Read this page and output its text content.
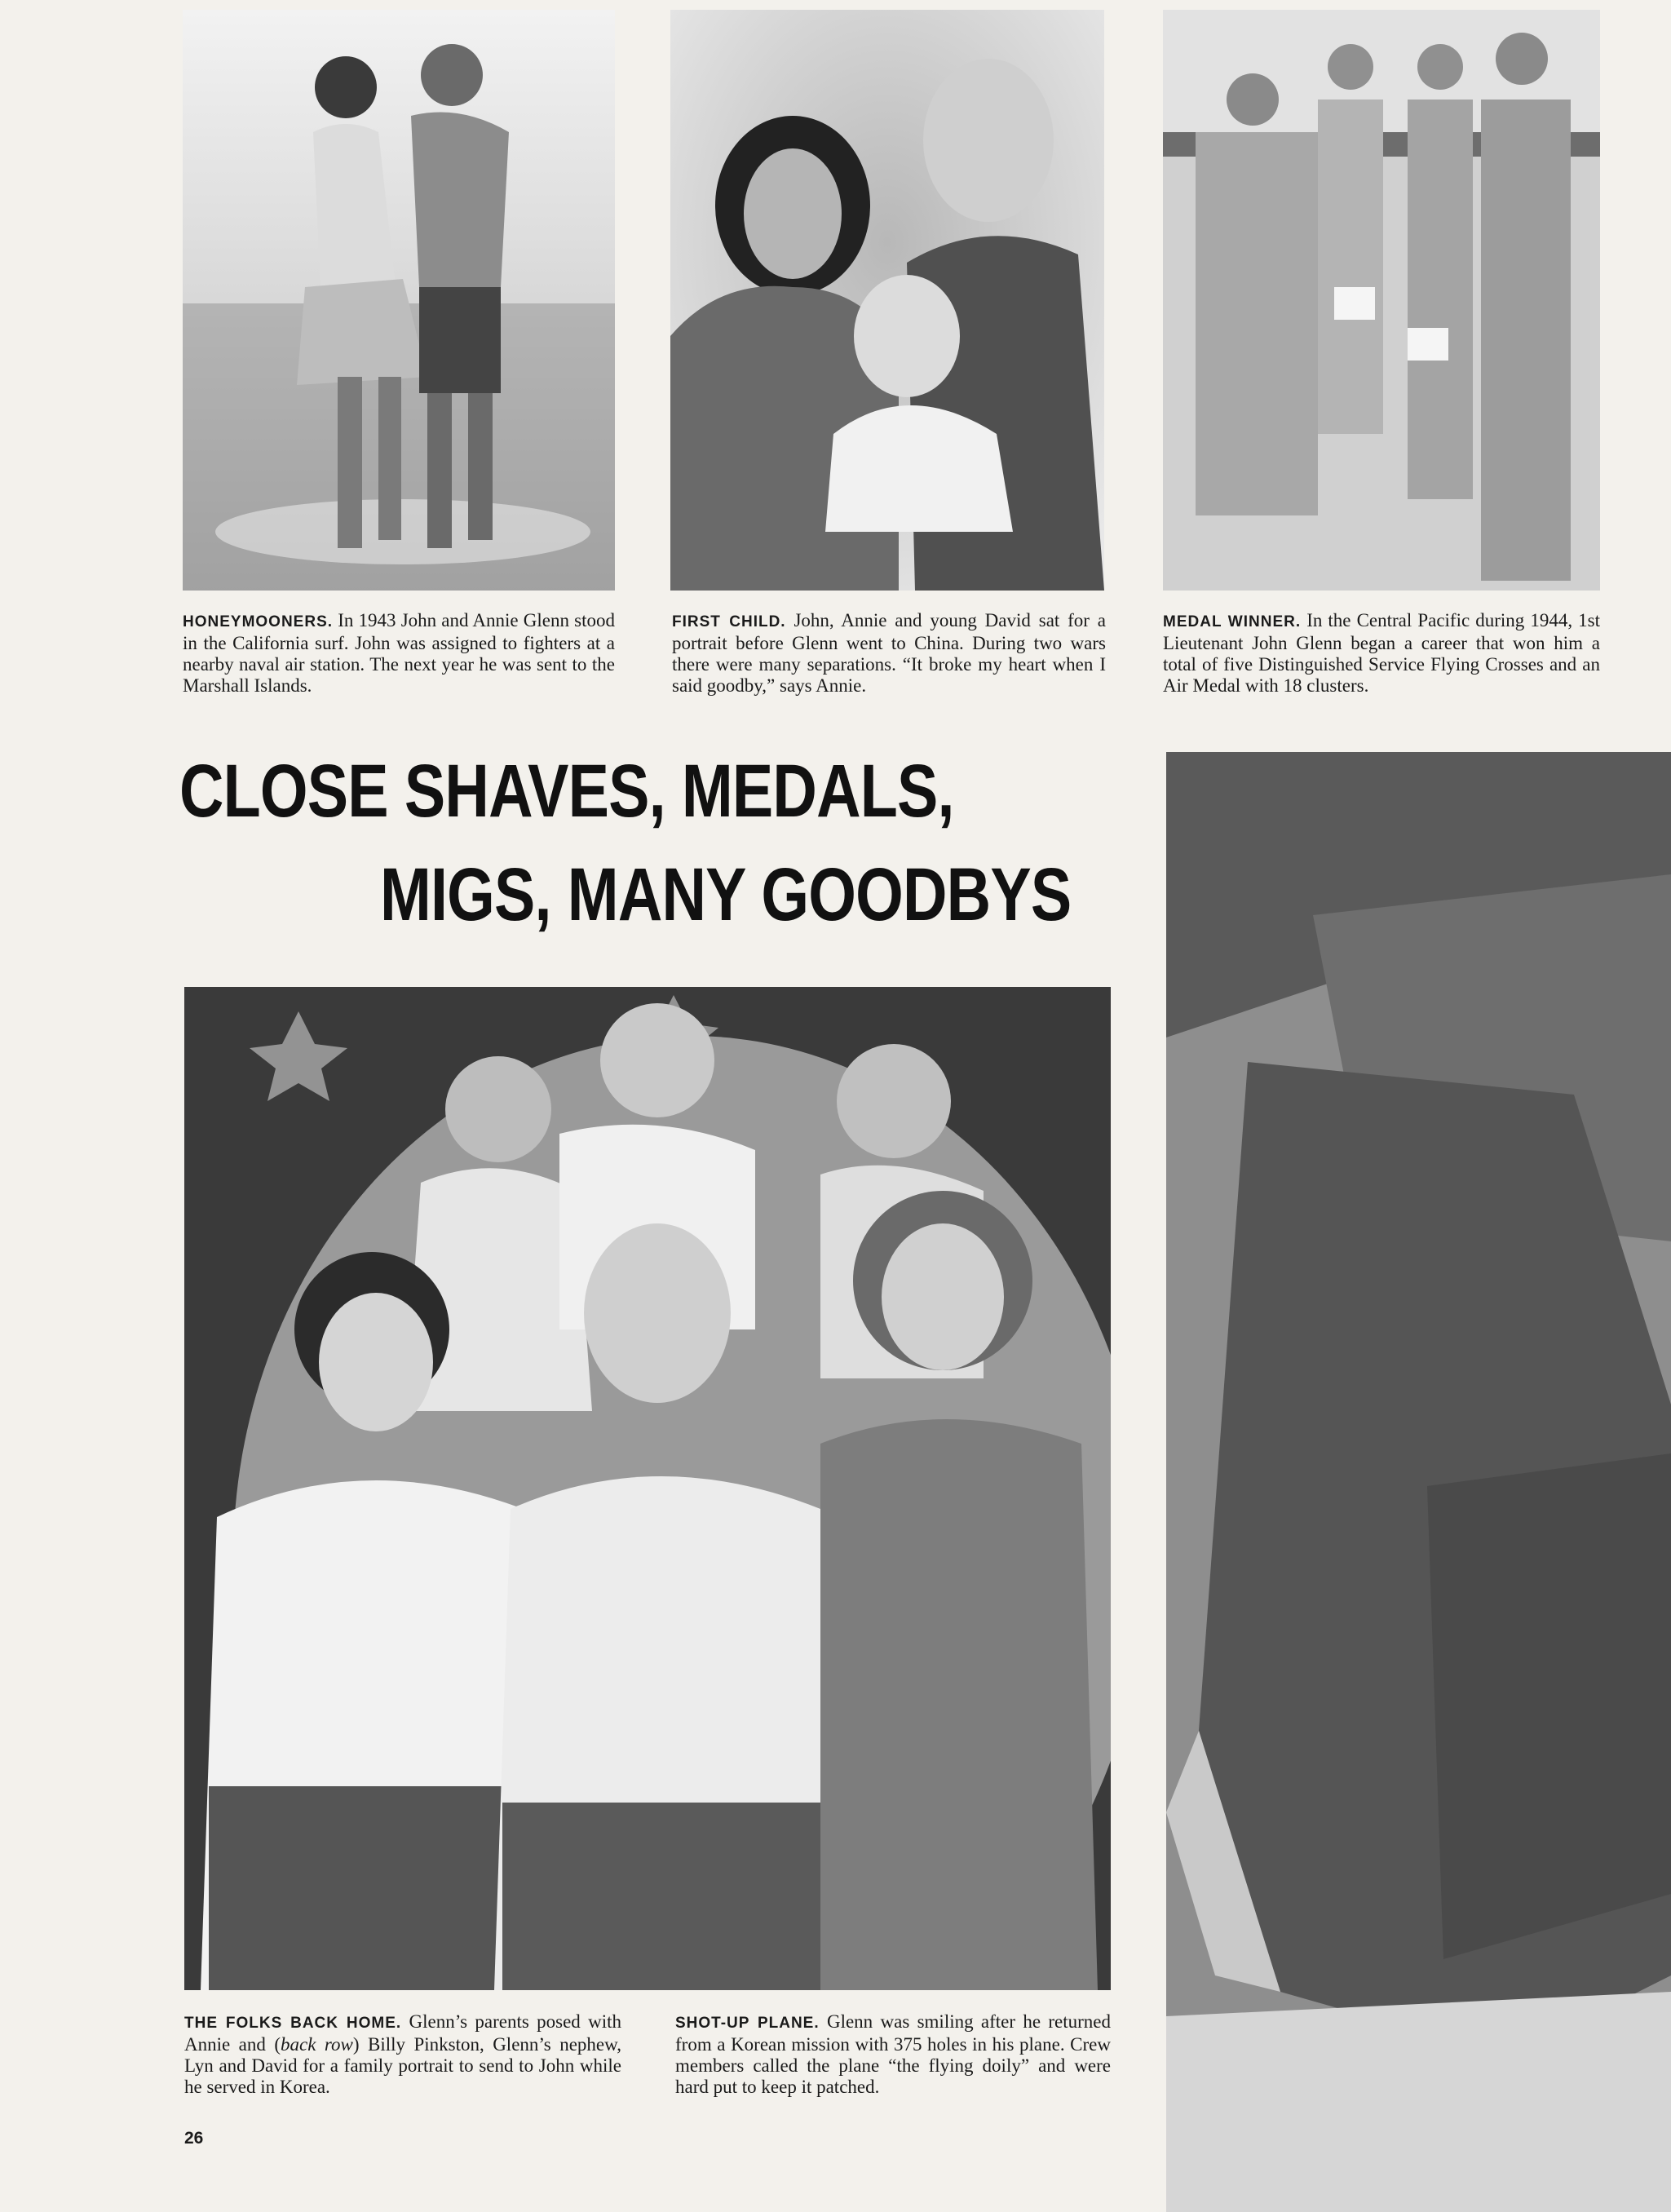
HONEYMOONERS. In 1943 John and Annie Glenn stood in the California surf. John was assigned to fighters at a nearby naval air station. The next year he was sent to the Marshall Islands.
FIRST CHILD. John, Annie and young David sat for a portrait before Glenn went to China. During two wars there were many separations. “It broke my heart when I said goodby,” says Annie.
MEDAL WINNER. In the Central Pacific during 1944, 1st Lieutenant John Glenn began a career that won him a total of five Distinguished Service Flying Crosses and an Air Medal with 18 clusters.
CLOSE SHAVES, MEDALS,
MIGS, MANY GOODBYS
THE FOLKS BACK HOME. Glenn’s parents posed with Annie and (back row) Billy Pinkston, Glenn’s nephew, Lyn and David for a family portrait to send to John while he served in Korea.
SHOT-UP PLANE. Glenn was smiling after he returned from a Korean mission with 375 holes in his plane. Crew members called the plane “the flying doily” and were hard put to keep it patched.
26
